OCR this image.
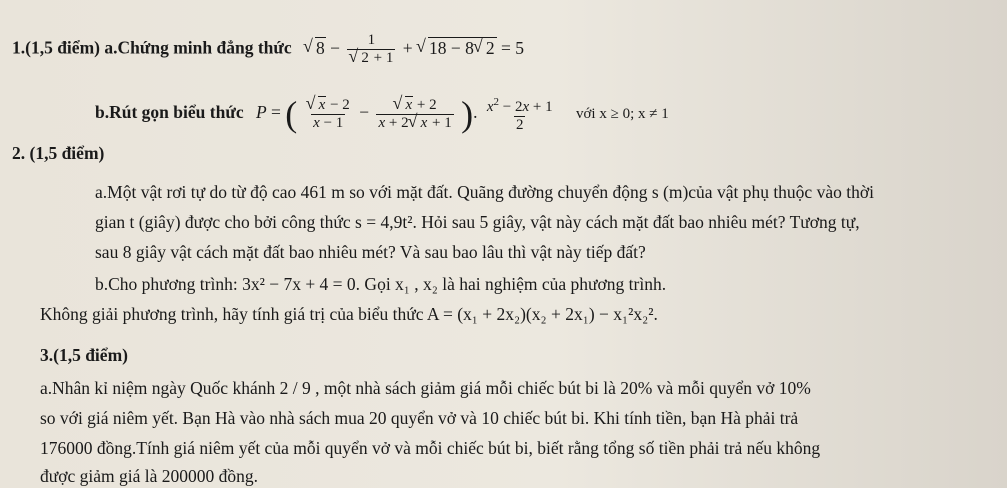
1.(1,5 điểm) a.Chứng minh đẳng thức √ 8 − 1
√ 2 + 1 + √ 18 − 8 √ 2 = 5
b.Rút gọn biểu thức P = ( √ $\frac{x - 2}{x - 1}$ − √ $\frac{x + 2}{x + 2 √ x + 1}$ ). $\frac{x^2 - 2x + 1}{2}$ với x ≥ 0; x ≠ 1
2. (1,5 điểm)
a.Một vật rơi tự do từ độ cao 461 m so với mặt đất. Quãng đường chuyển động s (m)của vật phụ thuộc vào thời
gian t (giây) được cho bởi công thức s = 4,9t². Hỏi sau 5 giây, vật này cách mặt đất bao nhiêu mét? Tương tự,
sau 8 giây vật cách mặt đất bao nhiêu mét? Và sau bao lâu thì vật này tiếp đất?
b.Cho phương trình: 3x² − 7x + 4 = 0. Gọi x₁ , x₂ là hai nghiệm của phương trình.
Không giải phương trình, hãy tính giá trị của biểu thức A = (x₁ + 2x₂)(x₂ + 2x₁) − x₁²x₂².
3.(1,5 điểm)
a.Nhân kỉ niệm ngày Quốc khánh 2 / 9 , một nhà sách giảm giá mỗi chiếc bút bi là 20% và mỗi quyển vở 10%
so với giá niêm yết. Bạn Hà vào nhà sách mua 20 quyển vở và 10 chiếc bút bi. Khi tính tiền, bạn Hà phải trả
176000 đồng.Tính giá niêm yết của mỗi quyển vở và mỗi chiếc bút bi, biết rằng tổng số tiền phải trả nếu không
được giảm giá là 200000 đồng.
